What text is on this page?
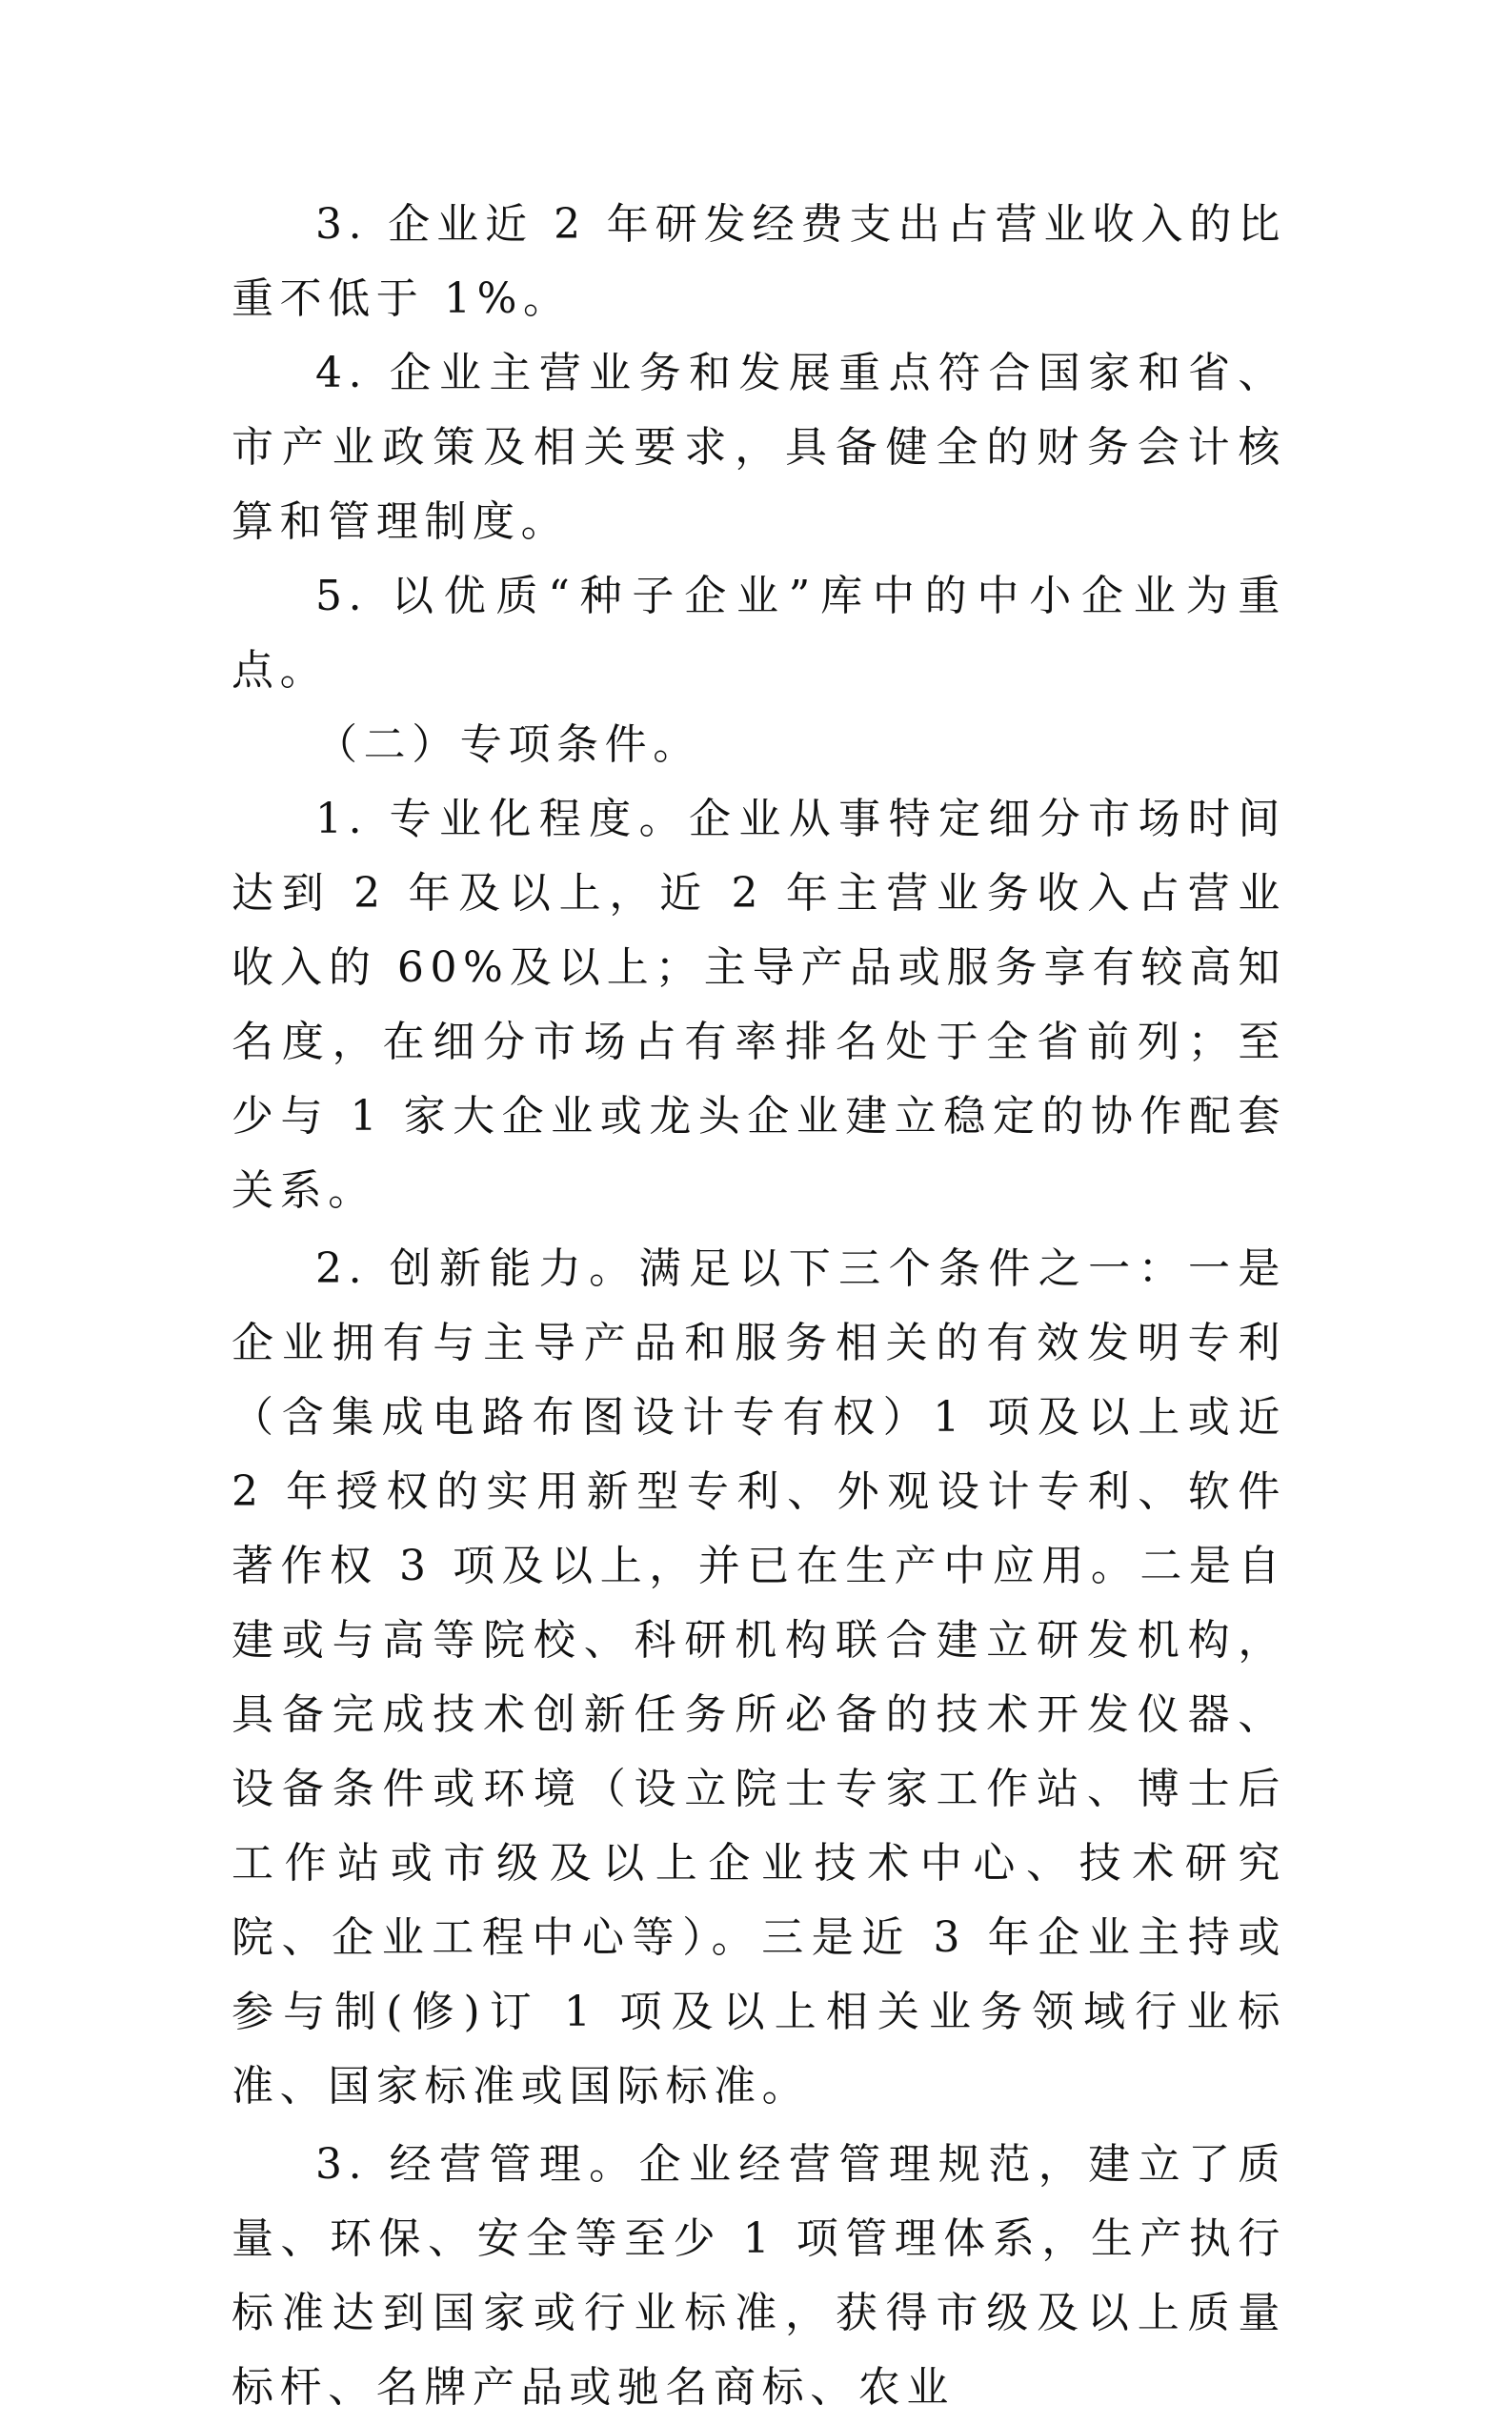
3. 企业近 2 年研发经费支出占营业收入的比重不低于 1%。

4. 企业主营业务和发展重点符合国家和省、市产业政策及相关要求，具备健全的财务会计核算和管理制度。

5. 以优质“种子企业”库中的中小企业为重点。

（二）专项条件。

1. 专业化程度。企业从事特定细分市场时间达到 2 年及以上，近 2 年主营业务收入占营业收入的 60%及以上；主导产品或服务享有较高知名度，在细分市场占有率排名处于全省前列；至少与 1 家大企业或龙头企业建立稳定的协作配套关系。

2. 创新能力。满足以下三个条件之一：一是企业拥有与主导产品和服务相关的有效发明专利（含集成电路布图设计专有权）1 项及以上或近 2 年授权的实用新型专利、外观设计专利、软件著作权 3 项及以上，并已在生产中应用。二是自建或与高等院校、科研机构联合建立研发机构，具备完成技术创新任务所必备的技术开发仪器、设备条件或环境（设立院士专家工作站、博士后工作站或市级及以上企业技术中心、技术研究院、企业工程中心等）。三是近 3 年企业主持或参与制(修)订 1 项及以上相关业务领域行业标准、国家标准或国际标准。

3. 经营管理。企业经营管理规范，建立了质量、环保、安全等至少 1 项管理体系，生产执行标准达到国家或行业标准，获得市级及以上质量标杆、名牌产品或驰名商标、农业
